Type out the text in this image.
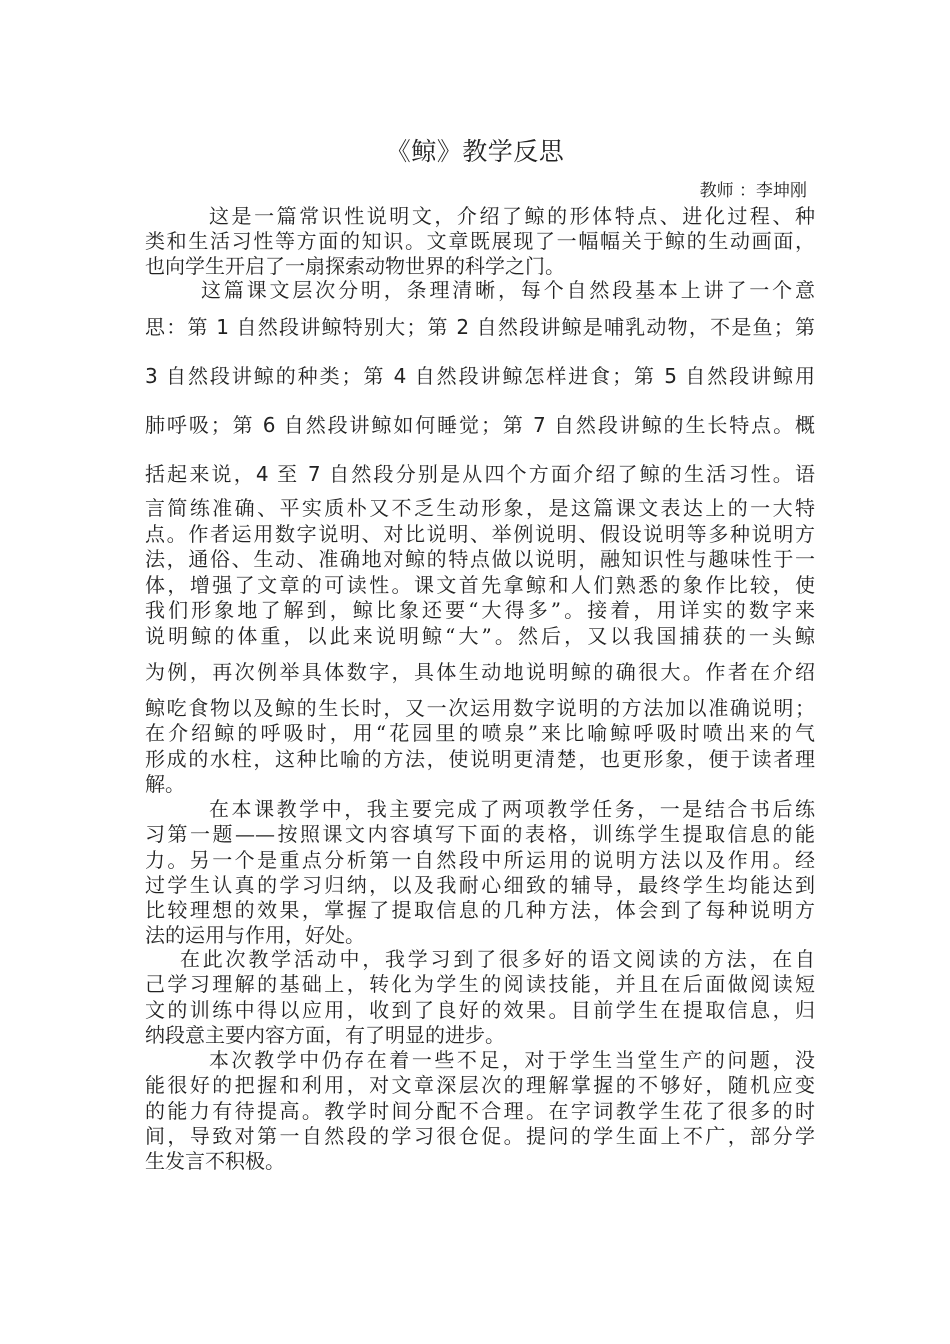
《鲸》教学反思
教师 ：李坤刚
这是一篇常识性说明文，介绍了鲸的形体特点、进化过程、种
类和生活习性等方面的知识。文章既展现了一幅幅关于鲸的生动画面，
也向学生开启了一扇探索动物世界的科学之门。
这篇课文层次分明，条理清晰，每个自然段基本上讲了一个意
思：第 1 自然段讲鲸特别大；第 2 自然段讲鲸是哺乳动物，不是鱼；第
3 自然段讲鲸的种类；第 4 自然段讲鲸怎样进食；第 5 自然段讲鲸用
肺呼吸；第 6 自然段讲鲸如何睡觉；第 7 自然段讲鲸的生长特点。概
括起来说，4 至 7 自然段分别是从四个方面介绍了鲸的生活习性。语
言简练准确、平实质朴又不乏生动形象，是这篇课文表达上的一大特
点。作者运用数字说明、对比说明、举例说明、假设说明等多种说明方
法，通俗、生动、准确地对鲸的特点做以说明，融知识性与趣味性于一
体，增强了文章的可读性。课文首先拿鲸和人们熟悉的象作比较，使
我们形象地了解到，鲸比象还要“大得多”。接着，用详实的数字来
说明鲸的体重，以此来说明鲸“大”。然后，又以我国捕获的一头鲸
为例，再次例举具体数字，具体生动地说明鲸的确很大。作者在介绍
鲸吃食物以及鲸的生长时，又一次运用数字说明的方法加以准确说明；
在介绍鲸的呼吸时，用“花园里的喷泉”来比喻鲸呼吸时喷出来的气
形成的水柱，这种比喻的方法，使说明更清楚，也更形象，便于读者理
解。
在本课教学中，我主要完成了两项教学任务，一是结合书后练
习第一题——按照课文内容填写下面的表格，训练学生提取信息的能
力。另一个是重点分析第一自然段中所运用的说明方法以及作用。经
过学生认真的学习归纳，以及我耐心细致的辅导，最终学生均能达到
比较理想的效果，掌握了提取信息的几种方法，体会到了每种说明方
法的运用与作用，好处。
在此次教学活动中，我学习到了很多好的语文阅读的方法，在自
己学习理解的基础上，转化为学生的阅读技能，并且在后面做阅读短
文的训练中得以应用，收到了良好的效果。目前学生在提取信息，归
纳段意主要内容方面，有了明显的进步。
本次教学中仍存在着一些不足，对于学生当堂生产的问题，没
能很好的把握和利用，对文章深层次的理解掌握的不够好，随机应变
的能力有待提高。教学时间分配不合理。在字词教学生花了很多的时
间，导致对第一自然段的学习很仓促。提问的学生面上不广，部分学
生发言不积极。
